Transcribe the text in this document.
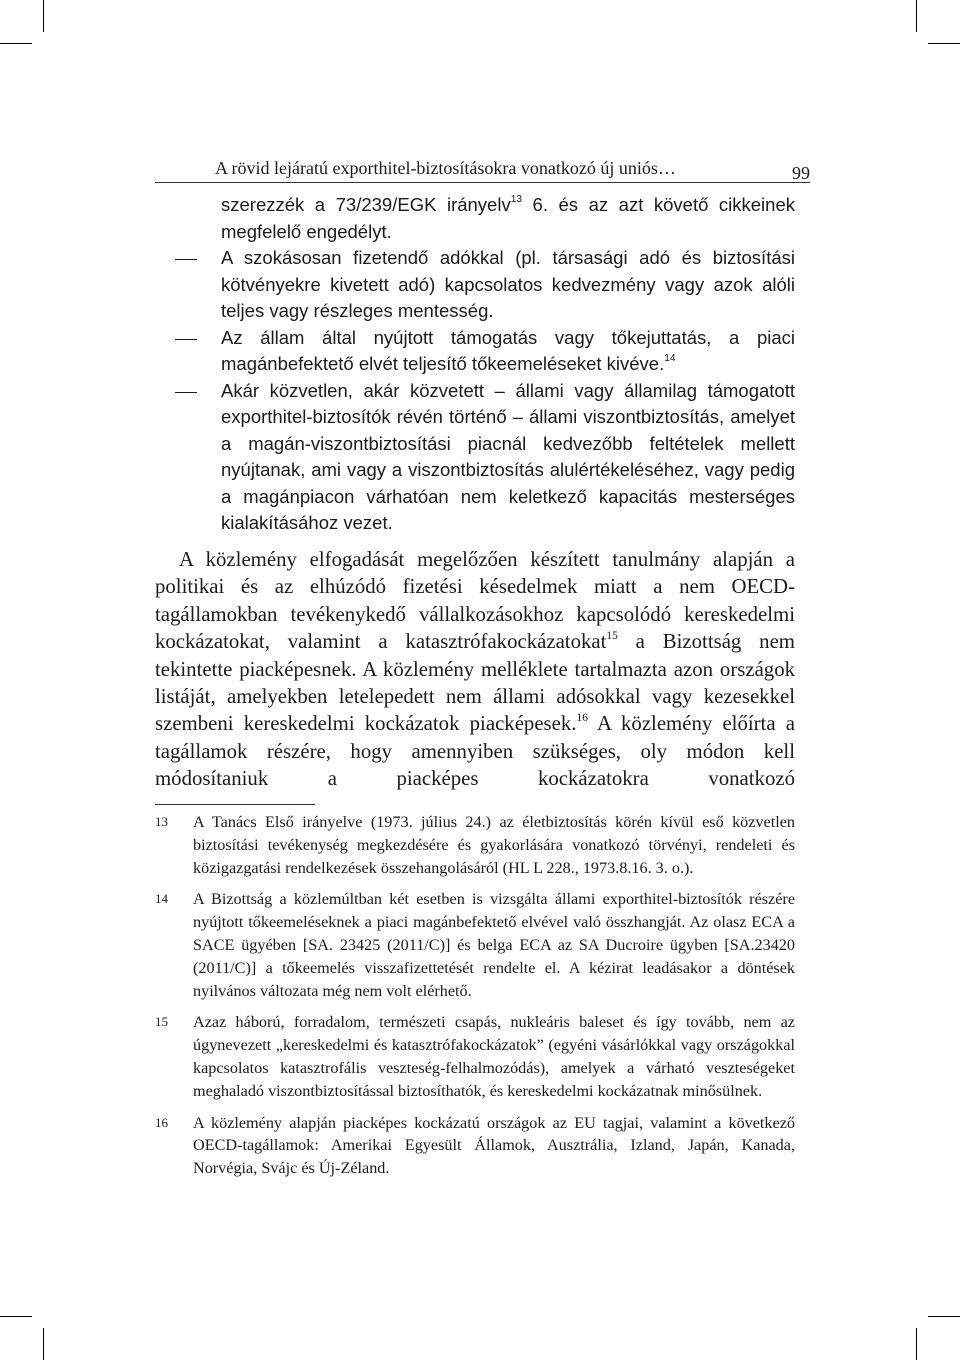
A rövid lejáratú exporthitel-biztosításokra vonatkozó új uniós…	99
szerezzék a 73/239/EGK irányelv$^{13}$ 6. és az azt követő cikkeinek megfelelő engedélyt.
A szokásosan fizetendő adókkal (pl. társasági adó és biztosítási kötvényekre kivetett adó) kapcsolatos kedvezmény vagy azok alóli teljes vagy részleges mentesség.
Az állam által nyújtott támogatás vagy tőkejuttatás, a piaci magánbefektető elvét teljesítő tőkeemeléseket kivéve.$^{14}$
Akár közvetlen, akár közvetett – állami vagy államilag támogatott exporthitel-biztosítók révén történő – állami viszontbiztosítás, amelyet a magán-viszontbiztosítási piacnál kedvezőbb feltételek mellett nyújtanak, ami vagy a viszontbiztosítás alulértékeléséhez, vagy pedig a magánpiacon várhatóan nem keletkező kapacitás mesterséges kialakításához vezet.

A közlemény elfogadását megelőzően készített tanulmány alapján a politikai és az elhúzódó fizetési késedelmek miatt a nem OECD-tagállamokban tevékenykedő vállalkozásokhoz kapcsolódó kereskedelmi kockázatokat, valamint a katasztrófakockázatokat$^{15}$ a Bizottság nem tekintette piacképesnek. A közlemény melléklete tartalmazta azon országok listáját, amelyekben letelepedett nem állami adósokkal vagy kezesekkel szembeni kereskedelmi kockázatok piacképesek.$^{16}$ A közlemény előírta a tagállamok részére, hogy amennyiben szükséges, oly módon kell módosítaniuk a piacképes kockázatokra vonatkozó

13 A Tanács Első irányelve (1973. július 24.) az életbiztosítás körén kívül eső közvetlen biztosítási tevékenység megkezdésére és gyakorlására vonatkozó törvényi, rendeleti és közigazgatási rendelkezések összehangolásáról (HL L 228., 1973.8.16. 3. o.).
14 A Bizottság a közlemúltban két esetben is vizsgálta állami exporthitel-biztosítók részére nyújtott tőkeemeléseknek a piaci magánbefektető elvével való összhangját. Az olasz ECA a SACE ügyében [SA. 23425 (2011/C)] és belga ECA az SA Ducroire ügyben [SA.23420 (2011/C)] a tőkeemelés visszafizettetését rendelte el. A kézirat leadásakor a döntések nyilvános változata még nem volt elérhető.
15 Azaz háború, forradalom, természeti csapás, nukleáris baleset és így tovább, nem az úgynevezett „kereskedelmi és katasztrófakockázatok” (egyéni vásárlókkal vagy országokkal kapcsolatos katasztrofális veszteség-felhalmozódás), amelyek a várható veszteségeket meghaladó viszontbiztosítással biztosíthatók, és kereskedelmi kockázatnak minősülnek.
16 A közlemény alapján piacképes kockázatú országok az EU tagjai, valamint a következő OECD-tagállamok: Amerikai Egyesült Államok, Ausztrália, Izland, Japán, Kanada, Norvégia, Svájc és Új-Zéland.
